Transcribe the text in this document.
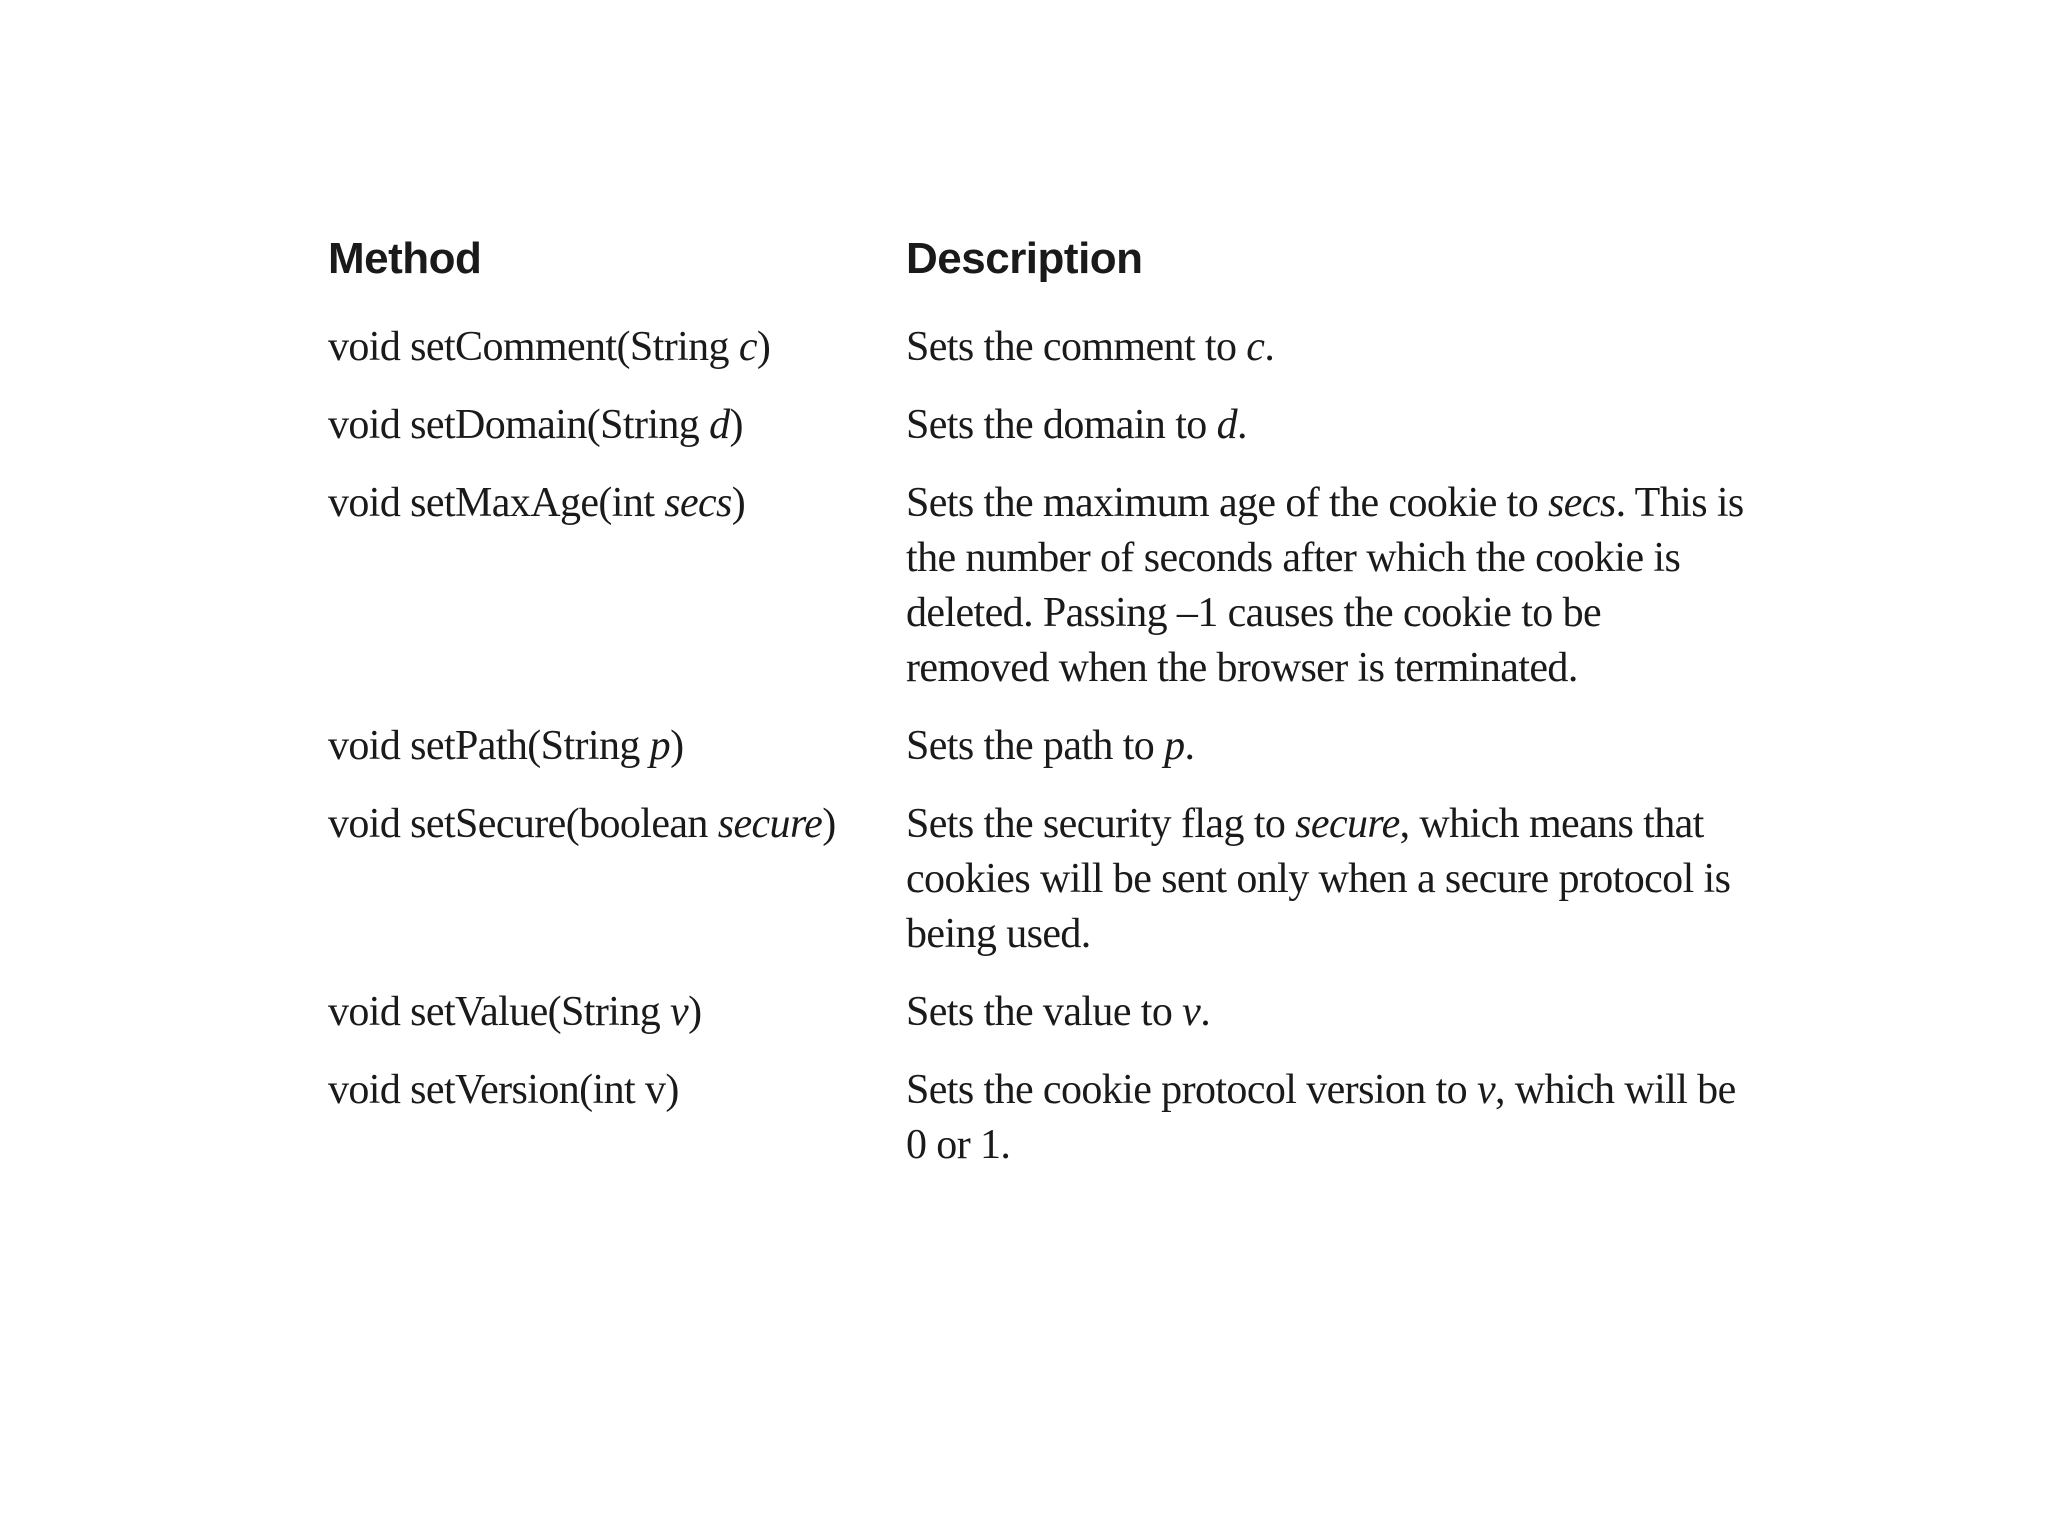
Method	Description
void setComment(String c)	Sets the comment to c.
void setDomain(String d)	Sets the domain to d.
void setMaxAge(int secs)	Sets the maximum age of the cookie to secs. This is the number of seconds after which the cookie is deleted. Passing –1 causes the cookie to be removed when the browser is terminated.
void setPath(String p)	Sets the path to p.
void setSecure(boolean secure)	Sets the security flag to secure, which means that cookies will be sent only when a secure protocol is being used.
void setValue(String v)	Sets the value to v.
void setVersion(int v)	Sets the cookie protocol version to v, which will be 0 or 1.
